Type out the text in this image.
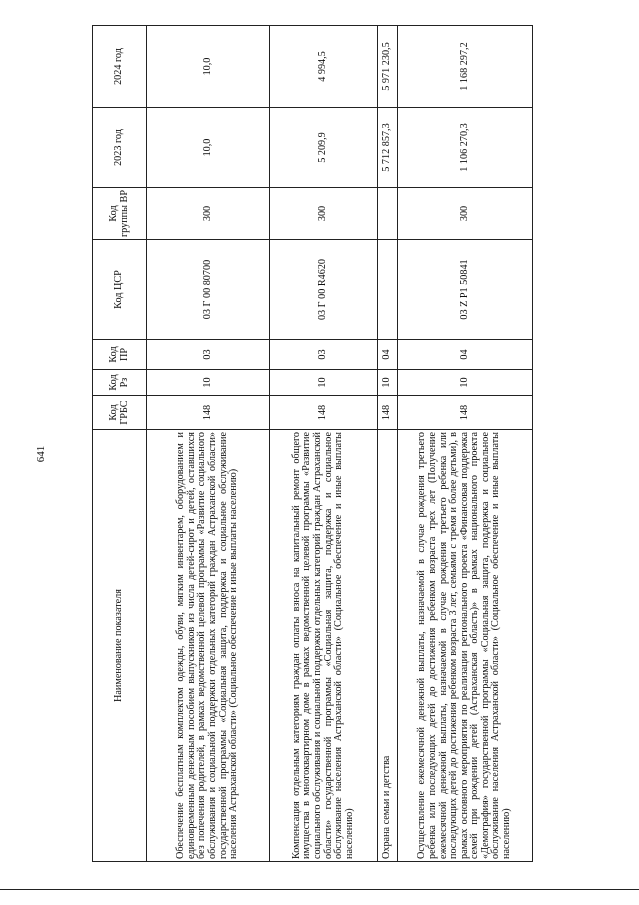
641
Наименование показателя	Код ГРБС	Код Рз	Код ПР	Код ЦСР	Код группы ВР	2023 год	2024 год
Обеспечение бесплатным комплектом одежды, обуви, мягким инвентарем, оборудованием и единовременным денежным пособием выпускников из числа детей-сирот и детей, оставшихся без попечения родителей, в рамках ведомственной целевой программы «Развитие социального обслуживания и социальной поддержки отдельных категорий граждан Астраханской области» государственной программы «Социальная защита, поддержка и социальное обслуживание населения Астраханской области» (Социальное обеспечение и иные выплаты населению)	148	10	03	03 Г 00 80700	300	10,0	10,0
Компенсация отдельным категориям граждан оплаты взноса на капитальный ремонт общего имущества в многоквартирном доме в рамках ведомственной целевой программы «Развитие социального обслуживания и социальной поддержки отдельных категорий граждан Астраханской области» государственной программы «Социальная защита, поддержка и социальное обслуживание населения Астраханской области» (Социальное обеспечение и иные выплаты населению)	148	10	03	03 Г 00 R4620	300	5 209,9	4 994,5
Охрана семьи и детства	148	10	04			5 712 857,3	5 971 230,5
Осуществление ежемесячной денежной выплаты, назначаемой в случае рождения третьего ребенка или последующих детей до достижения ребенком возраста трех лет (Получение ежемесячной денежной выплаты, назначаемой в случае рождения третьего ребенка или последующих детей до достижения ребенком возраста 3 лет, семьями с тремя и более детьми), в рамках основного мероприятия по реализации регионального проекта «Финансовая поддержка семей при рождении детей (Астраханская область)» в рамках национального проекта «Демография» государственной программы «Социальная защита, поддержка и социальное обслуживание населения Астраханской области» (Социальное обеспечение и иные выплаты населению)	148	10	04	03 Z P1 50841	300	1 106 270,3	1 168 297,2
